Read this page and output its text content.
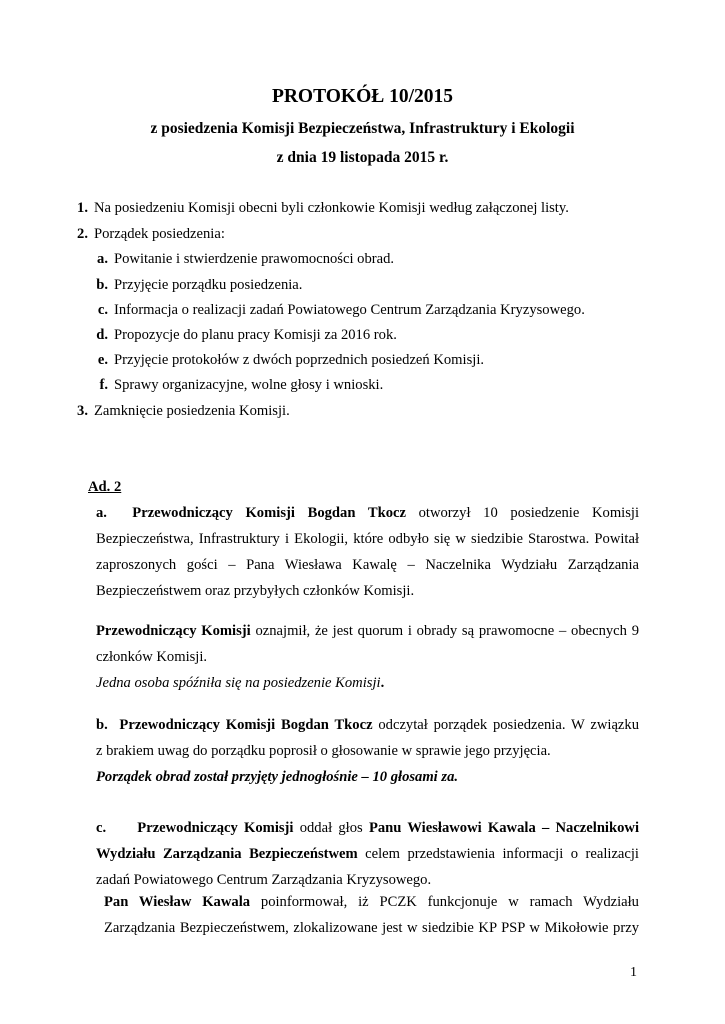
PROTOKÓŁ 10/2015
z posiedzenia Komisji Bezpieczeństwa, Infrastruktury i Ekologii
z dnia 19 listopada 2015 r.
1. Na posiedzeniu Komisji obecni byli członkowie Komisji według załączonej listy.
2. Porządek posiedzenia:
a. Powitanie i stwierdzenie prawomocności obrad.
b. Przyjęcie porządku posiedzenia.
c. Informacja o realizacji zadań Powiatowego Centrum Zarządzania Kryzysowego.
d. Propozycje do planu pracy Komisji za 2016 rok.
e. Przyjęcie protokołów z dwóch poprzednich posiedzeń Komisji.
f. Sprawy organizacyjne, wolne głosy i wnioski.
3. Zamknięcie posiedzenia Komisji.
Ad. 2
a. Przewodniczący Komisji Bogdan Tkocz otworzył 10 posiedzenie Komisji
Bezpieczeństwa, Infrastruktury i Ekologii, które odbyło się w siedzibie Starostwa. Powitał
zaproszonych gości – Pana Wiesława Kawalę – Naczelnika Wydziału Zarządzania
Bezpieczeństwem oraz przybyłych członków Komisji.
Przewodniczący Komisji oznajmił, że jest quorum i obrady są prawomocne – obecnych 9
członków Komisji.
Jedna osoba spóźniła się na posiedzenie Komisji.
b. Przewodniczący Komisji Bogdan Tkocz odczytał porządek posiedzenia. W związku
z brakiem uwag do porządku poprosił o głosowanie w sprawie jego przyjęcia.
Porządek obrad został przyjęty jednogłośnie – 10 głosami za.
c. Przewodniczący Komisji oddał głos Panu Wiesławowi Kawala – Naczelnikowi
Wydziału Zarządzania Bezpieczeństwem celem przedstawienia informacji o realizacji
zadań Powiatowego Centrum Zarządzania Kryzysowego.
Pan Wiesław Kawala poinformował, iż PCZK funkcjonuje w ramach Wydziału
Zarządzania Bezpieczeństwem, zlokalizowane jest w siedzibie KP PSP w Mikołowie przy
1
